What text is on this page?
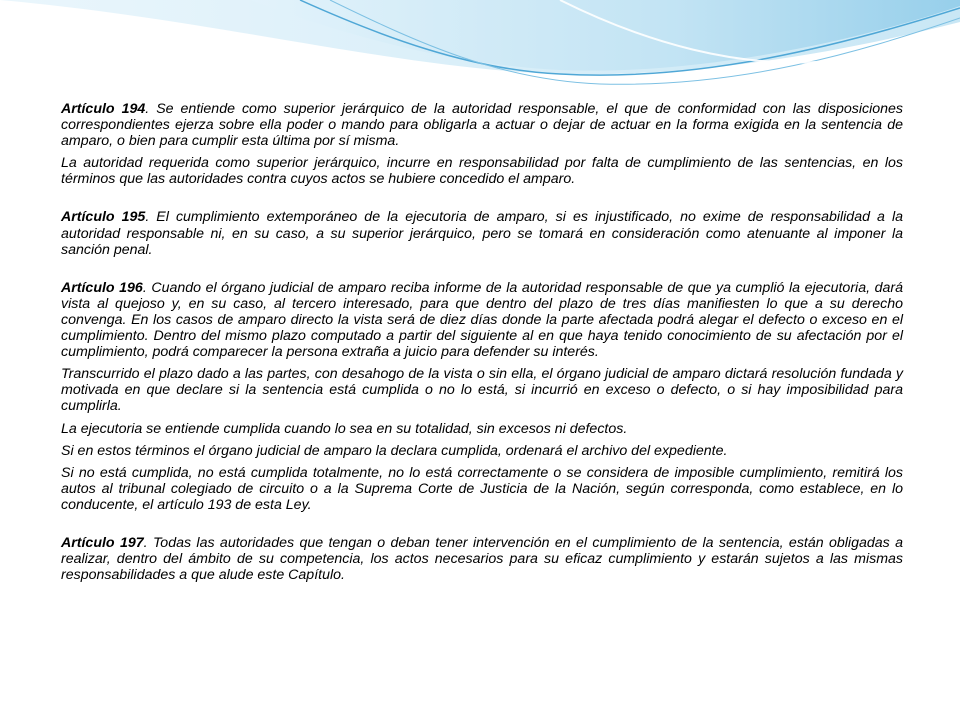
Artículo 194. Se entiende como superior jerárquico de la autoridad responsable, el que de conformidad con las disposiciones correspondientes ejerza sobre ella poder o mando para obligarla a actuar o dejar de actuar en la forma exigida en la sentencia de amparo, o bien para cumplir esta última por sí misma.

La autoridad requerida como superior jerárquico, incurre en responsabilidad por falta de cumplimiento de las sentencias, en los términos que las autoridades contra cuyos actos se hubiere concedido el amparo.

Artículo 195. El cumplimiento extemporáneo de la ejecutoria de amparo, si es injustificado, no exime de responsabilidad a la autoridad responsable ni, en su caso, a su superior jerárquico, pero se tomará en consideración como atenuante al imponer la sanción penal.

Artículo 196. Cuando el órgano judicial de amparo reciba informe de la autoridad responsable de que ya cumplió la ejecutoria, dará vista al quejoso y, en su caso, al tercero interesado, para que dentro del plazo de tres días manifiesten lo que a su derecho convenga. En los casos de amparo directo la vista será de diez días donde la parte afectada podrá alegar el defecto o exceso en el cumplimiento. Dentro del mismo plazo computado a partir del siguiente al en que haya tenido conocimiento de su afectación por el cumplimiento, podrá comparecer la persona extraña a juicio para defender su interés.

Transcurrido el plazo dado a las partes, con desahogo de la vista o sin ella, el órgano judicial de amparo dictará resolución fundada y motivada en que declare si la sentencia está cumplida o no lo está, si incurrió en exceso o defecto, o si hay imposibilidad para cumplirla.

La ejecutoria se entiende cumplida cuando lo sea en su totalidad, sin excesos ni defectos.

Si en estos términos el órgano judicial de amparo la declara cumplida, ordenará el archivo del expediente.

Si no está cumplida, no está cumplida totalmente, no lo está correctamente o se considera de imposible cumplimiento, remitirá los autos al tribunal colegiado de circuito o a la Suprema Corte de Justicia de la Nación, según corresponda, como establece, en lo conducente, el artículo 193 de esta Ley.

Artículo 197. Todas las autoridades que tengan o deban tener intervención en el cumplimiento de la sentencia, están obligadas a realizar, dentro del ámbito de su competencia, los actos necesarios para su eficaz cumplimiento y estarán sujetos a las mismas responsabilidades a que alude este Capítulo.
